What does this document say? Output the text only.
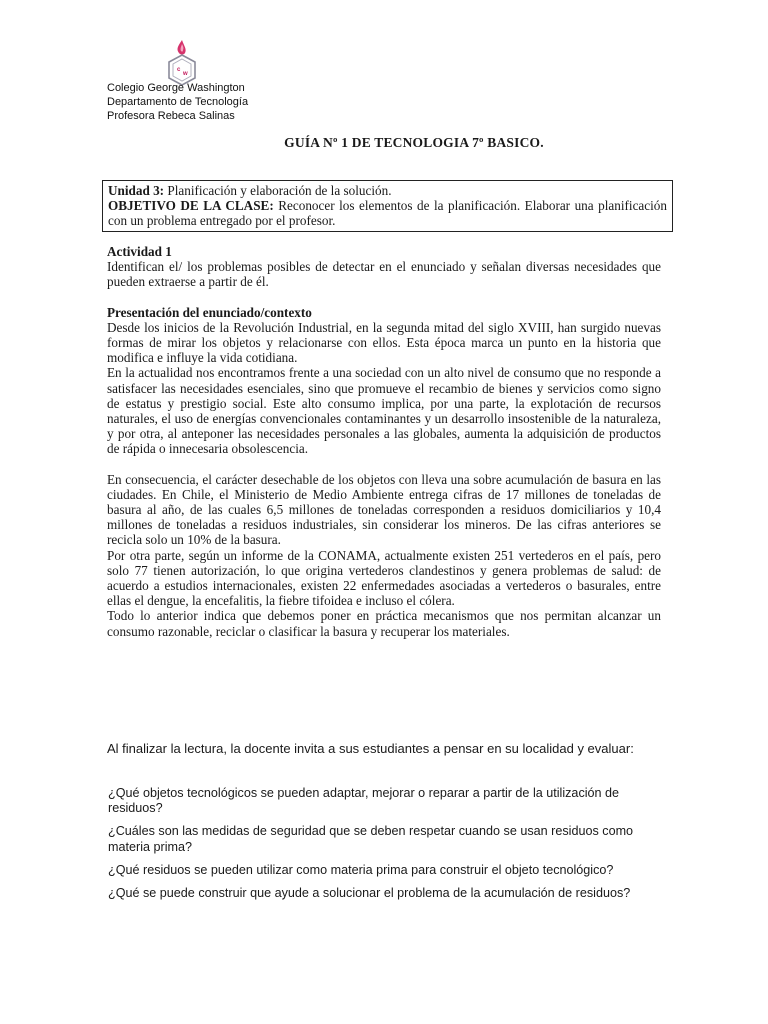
c
w
Colegio George Washington
Departamento de Tecnología
Profesora Rebeca Salinas
GUÍA Nº 1 DE TECNOLOGIA 7º BASICO.
Unidad 3: Planificación y elaboración de la solución.
OBJETIVO DE LA CLASE: Reconocer los elementos de la planificación. Elaborar una planificación con un problema entregado por el profesor.

Actividad 1

Identifican el/ los problemas posibles de detectar en el enunciado y señalan diversas necesidades que pueden extraerse a partir de él.

Presentación del enunciado/contexto

Desde los inicios de la Revolución Industrial, en la segunda mitad del siglo XVIII, han surgido nuevas formas de mirar los objetos y relacionarse con ellos. Esta época marca un punto en la historia que modifica e influye la vida cotidiana.

En la actualidad nos encontramos frente a una sociedad con un alto nivel de consumo que no responde a satisfacer las necesidades esenciales, sino que promueve el recambio de bienes y servicios como signo de estatus y prestigio social. Este alto consumo implica, por una parte, la explotación de recursos naturales, el uso de energías convencionales contaminantes y un desarrollo insostenible de la naturaleza, y por otra, al anteponer las necesidades personales a las globales, aumenta la adquisición de productos de rápida o innecesaria obsolescencia.

En consecuencia, el carácter desechable de los objetos con lleva una sobre acumulación de basura en las ciudades. En Chile, el Ministerio de Medio Ambiente entrega cifras de 17 millones de toneladas de basura al año, de las cuales 6,5 millones de toneladas corresponden a residuos domiciliarios y 10,4 millones de toneladas a residuos industriales, sin considerar los mineros. De las cifras anteriores se recicla solo un 10% de la basura.

Por otra parte, según un informe de la CONAMA, actualmente existen 251 vertederos en el país, pero solo 77 tienen autorización, lo que origina vertederos clandestinos y genera problemas de salud: de acuerdo a estudios internacionales, existen 22 enfermedades asociadas a vertederos o basurales, entre ellas el dengue, la encefalitis, la fiebre tifoidea e incluso el cólera.

Todo lo anterior indica que debemos poner en práctica mecanismos que nos permitan alcanzar un consumo razonable, reciclar o clasificar la basura y recuperar los materiales.

Al finalizar la lectura, la docente invita a sus estudiantes a pensar en su localidad y evaluar:

¿Qué objetos tecnológicos se pueden adaptar, mejorar o reparar a partir de la utilización de residuos?

¿Cuáles son las medidas de seguridad que se deben respetar cuando se usan residuos como materia prima?

¿Qué residuos se pueden utilizar como materia prima para construir el objeto tecnológico?

¿Qué se puede construir que ayude a solucionar el problema de la acumulación de residuos?
